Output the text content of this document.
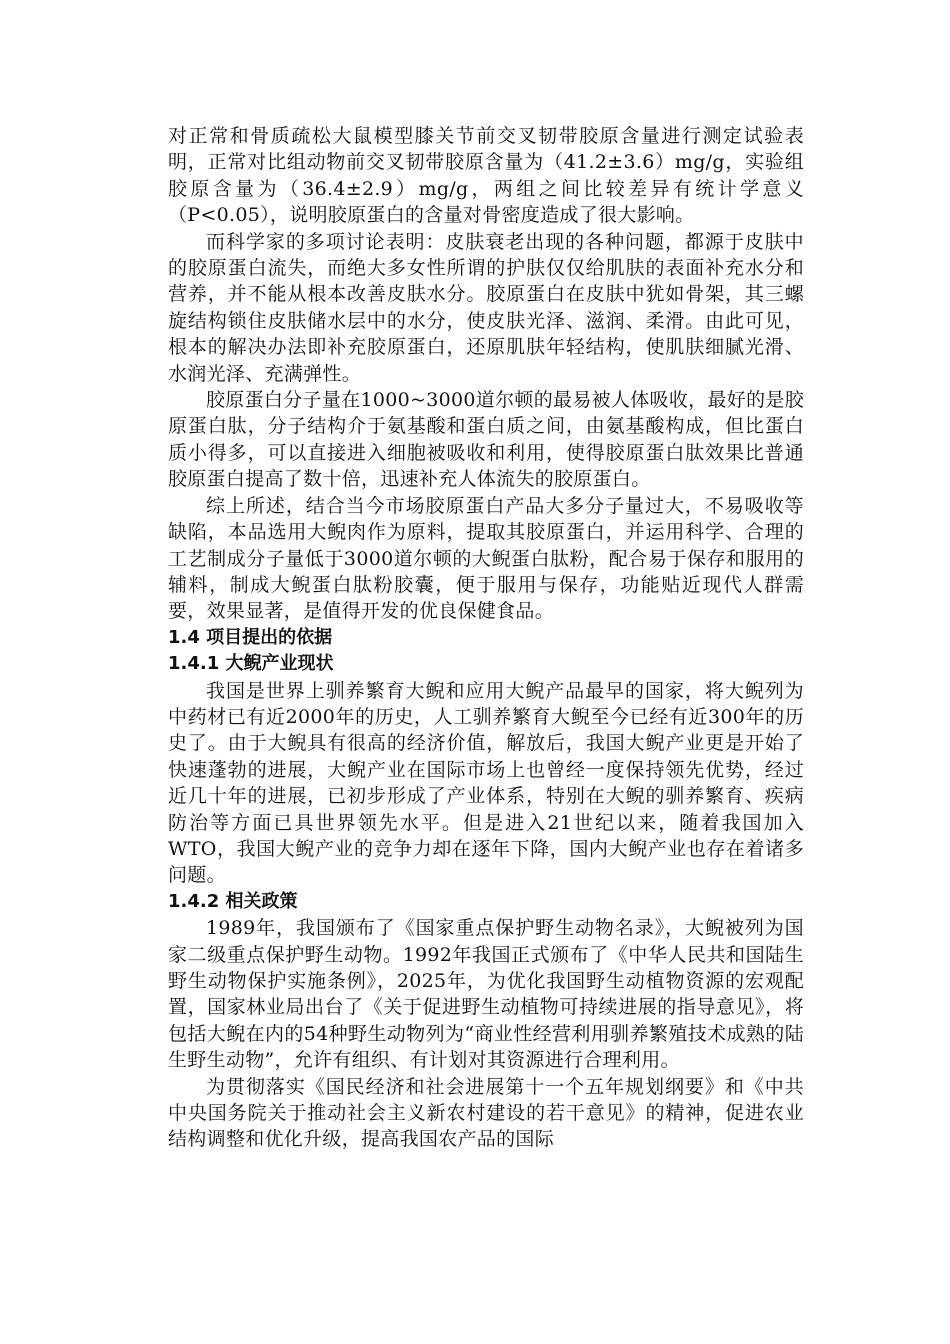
对正常和骨质疏松大鼠模型膝关节前交叉韧带胶原含量进行测定试验表明，正常对比组动物前交叉韧带胶原含量为（41.2±3.6）mg/g，实验组胶原含量为（36.4±2.9）mg/g，两组之间比较差异有统计学意义（P<0.05），说明胶原蛋白的含量对骨密度造成了很大影响。

而科学家的多项讨论表明：皮肤衰老出现的各种问题，都源于皮肤中的胶原蛋白流失，而绝大多女性所谓的护肤仅仅给肌肤的表面补充水分和营养，并不能从根本改善皮肤水分。胶原蛋白在皮肤中犹如骨架，其三螺旋结构锁住皮肤储水层中的水分，使皮肤光泽、滋润、柔滑。由此可见，根本的解决办法即补充胶原蛋白，还原肌肤年轻结构，使肌肤细腻光滑、水润光泽、充满弹性。

胶原蛋白分子量在1000~3000道尔顿的最易被人体吸收，最好的是胶原蛋白肽，分子结构介于氨基酸和蛋白质之间，由氨基酸构成，但比蛋白质小得多，可以直接进入细胞被吸收和利用，使得胶原蛋白肽效果比普通胶原蛋白提高了数十倍，迅速补充人体流失的胶原蛋白。

综上所述，结合当今市场胶原蛋白产品大多分子量过大，不易吸收等缺陷，本品选用大鲵肉作为原料，提取其胶原蛋白，并运用科学、合理的工艺制成分子量低于3000道尔顿的大鲵蛋白肽粉，配合易于保存和服用的辅料，制成大鲵蛋白肽粉胶囊，便于服用与保存，功能贴近现代人群需要，效果显著，是值得开发的优良保健食品。

1.4 项目提出的依据
1.4.1 大鲵产业现状

我国是世界上驯养繁育大鲵和应用大鲵产品最早的国家，将大鲵列为中药材已有近2000年的历史，人工驯养繁育大鲵至今已经有近300年的历史了。由于大鲵具有很高的经济价值，解放后，我国大鲵产业更是开始了快速蓬勃的进展，大鲵产业在国际市场上也曾经一度保持领先优势，经过近几十年的进展，已初步形成了产业体系，特别在大鲵的驯养繁育、疾病防治等方面已具世界领先水平。但是进入21世纪以来，随着我国加入WTO，我国大鲵产业的竞争力却在逐年下降，国内大鲵产业也存在着诸多问题。

1.4.2 相关政策

1989年，我国颁布了《国家重点保护野生动物名录》，大鲵被列为国家二级重点保护野生动物。1992年我国正式颁布了《中华人民共和国陆生野生动物保护实施条例》，2025年，为优化我国野生动植物资源的宏观配置，国家林业局出台了《关于促进野生动植物可持续进展的指导意见》，将包括大鲵在内的54种野生动物列为“商业性经营利用驯养繁殖技术成熟的陆生野生动物”，允许有组织、有计划对其资源进行合理利用。

为贯彻落实《国民经济和社会进展第十一个五年规划纲要》和《中共中央国务院关于推动社会主义新农村建设的若干意见》的精神，促进农业结构调整和优化升级，提高我国农产品的国际
